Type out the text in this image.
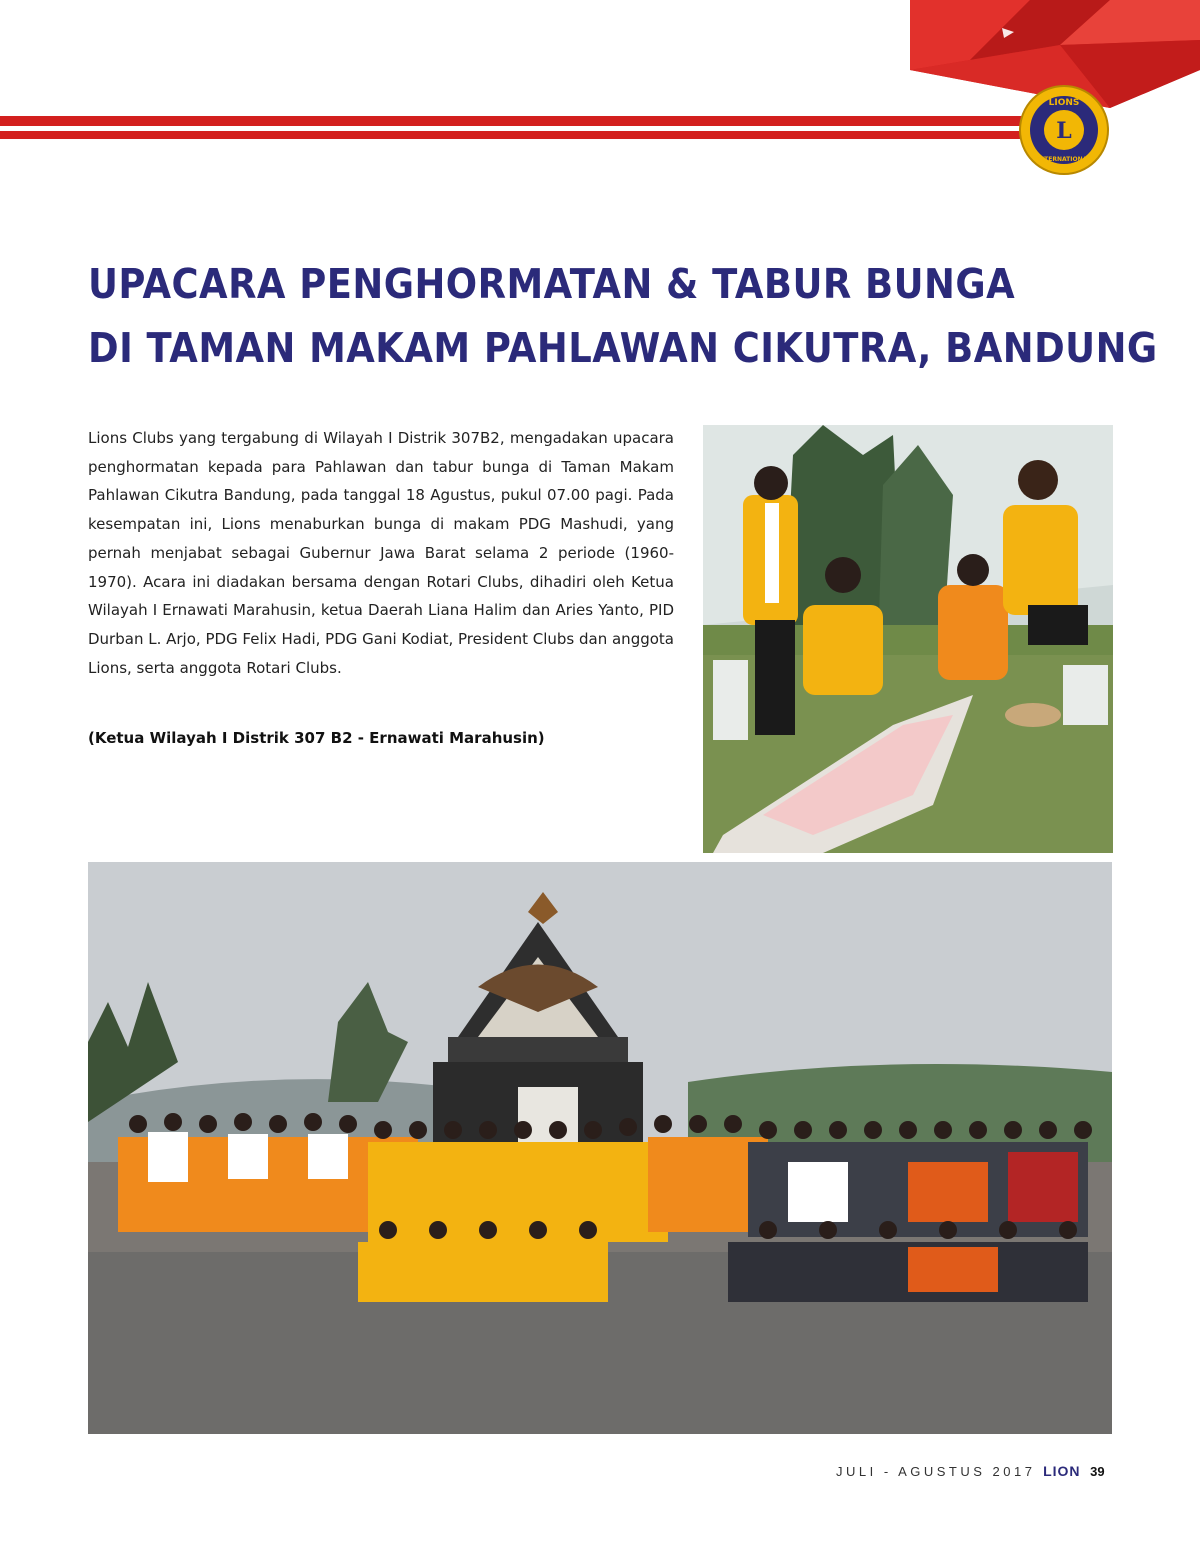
L
LIONS
INTERNATIONAL
UPACARA PENGHORMATAN & TABUR BUNGA
DI TAMAN MAKAM PAHLAWAN CIKUTRA, BANDUNG

Lions Clubs yang tergabung di Wilayah I Distrik 307B2, mengadakan upacara penghormatan kepada para Pahlawan dan tabur bunga di Taman Makam Pahlawan Cikutra Bandung, pada tanggal 18 Agustus, pukul 07.00 pagi. Pada kesempatan ini, Lions menaburkan bunga di makam PDG Mashudi, yang pernah menjabat sebagai Gubernur Jawa Barat selama 2 periode (1960-1970). Acara ini diadakan bersama dengan Rotari Clubs, dihadiri oleh Ketua Wilayah I Ernawati Marahusin, ketua Daerah Liana Halim dan Aries Yanto, PID Durban L. Arjo, PDG Felix Hadi, PDG Gani Kodiat, President Clubs dan anggota Lions, serta anggota Rotari Clubs.

(Ketua Wilayah I Distrik 307 B2 - Ernawati Marahusin)

JULI - AGUSTUS 2017 LION 39
